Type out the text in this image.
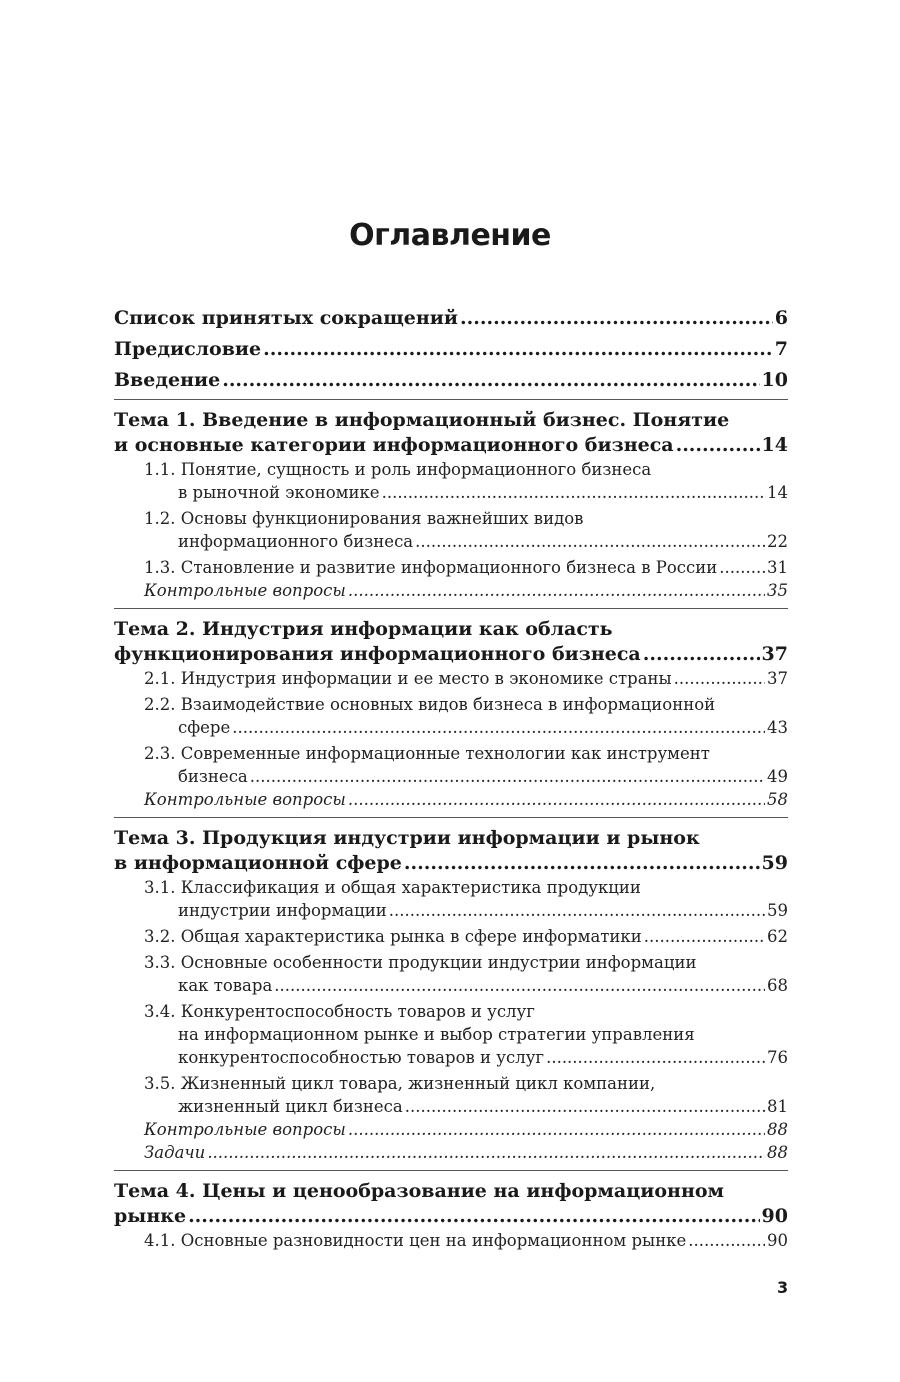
Оглавление
Список принятых сокращений .....	6
Предисловие .....	7
Введение .....	10
Тема 1. Введение в информационный бизнес. Понятие
и основные категории информационного бизнеса .....	14
1.1. Понятие, сущность и роль информационного бизнеса
в рыночной экономике .....	14
1.2. Основы функционирования важнейших видов
информационного бизнеса .....	22
1.3. Становление и развитие информационного бизнеса в России .....	31
Контрольные вопросы .....	35
Тема 2. Индустрия информации как область
функционирования информационного бизнеса .....	37
2.1. Индустрия информации и ее место в экономике страны .....	37
2.2. Взаимодействие основных видов бизнеса в информационной
сфере .....	43
2.3. Современные информационные технологии как инструмент
бизнеса .....	49
Контрольные вопросы .....	58
Тема 3. Продукция индустрии информации и рынок
в информационной сфере .....	59
3.1. Классификация и общая характеристика продукции
индустрии информации .....	59
3.2. Общая характеристика рынка в сфере информатики .....	62
3.3. Основные особенности продукции индустрии информации
как товара .....	68
3.4. Конкурентоспособность товаров и услуг
на информационном рынке и выбор стратегии управления
конкурентоспособностью товаров и услуг .....	76
3.5. Жизненный цикл товара, жизненный цикл компании,
жизненный цикл бизнеса .....	81
Контрольные вопросы .....	88
Задачи .....	88
Тема 4. Цены и ценообразование на информационном
рынке .....	90
4.1. Основные разновидности цен на информационном рынке .....	90
3
